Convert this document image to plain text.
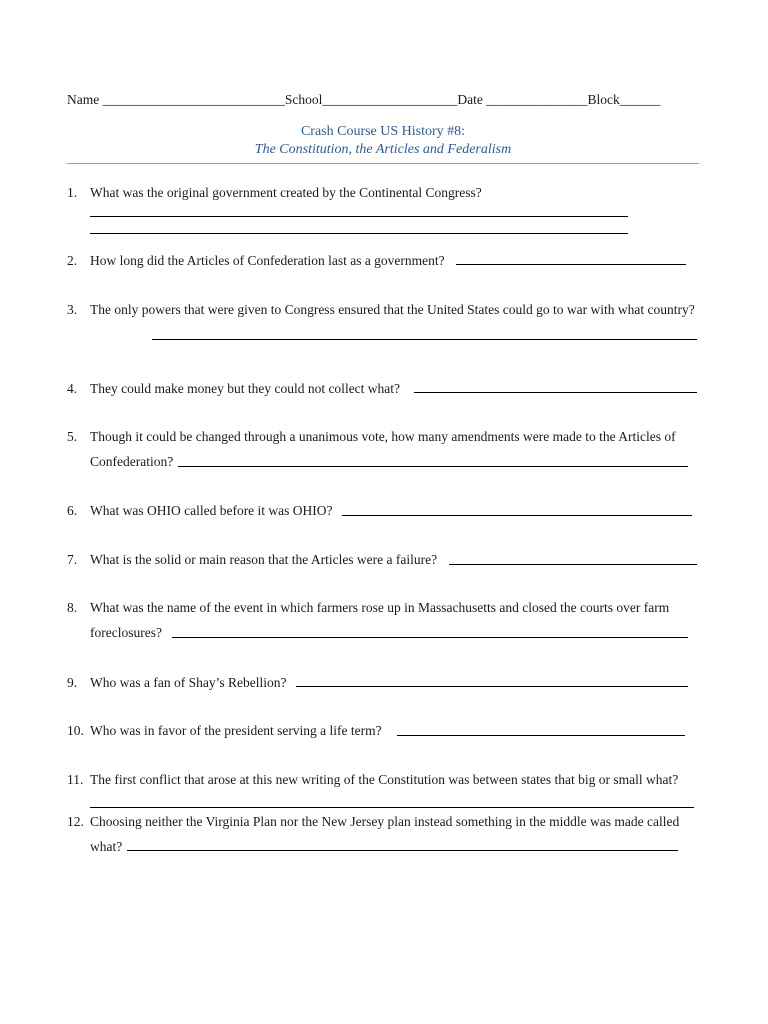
Name ___________________________School____________________Date _______________Block______
Crash Course US History #8:
The Constitution, the Articles and Federalism
1. What was the original government created by the Continental Congress?
2. How long did the Articles of Confederation last as a government?
3. The only powers that were given to Congress ensured that the United States could go to war with what country?
4. They could make money but they could not collect what?
5. Though it could be changed through a unanimous vote, how many amendments were made to the Articles of Confederation?
6. What was OHIO called before it was OHIO?
7. What is the solid or main reason that the Articles were a failure?
8. What was the name of the event in which farmers rose up in Massachusetts and closed the courts over farm foreclosures?
9. Who was a fan of Shay’s Rebellion?
10. Who was in favor of the president serving a life term?
11. The first conflict that arose at this new writing of the Constitution was between states that big or small what?
12. Choosing neither the Virginia Plan nor the New Jersey plan instead something in the middle was made called what?
